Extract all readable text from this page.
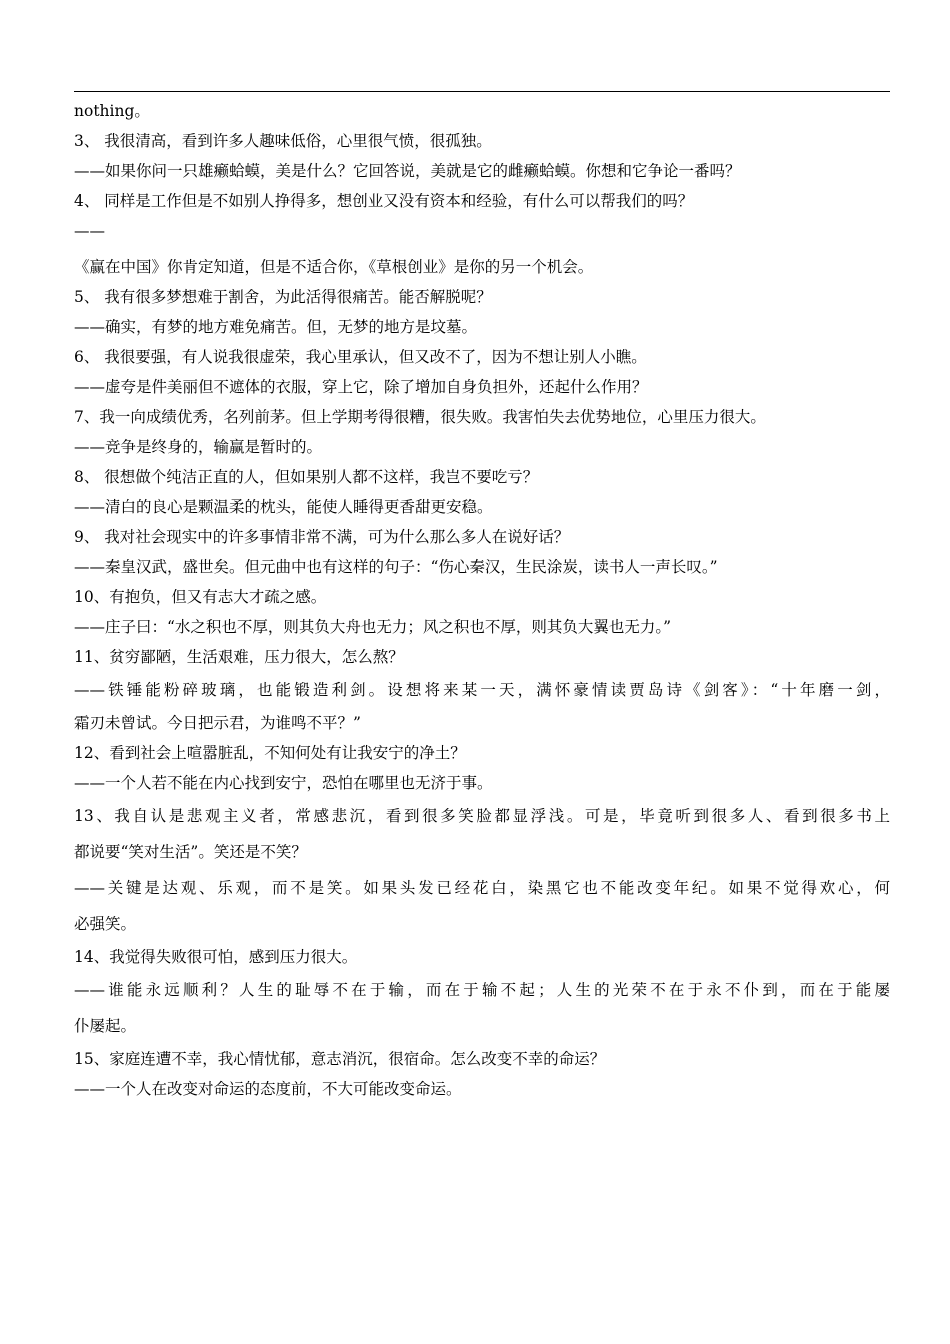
nothing。
3、 我很清高，看到许多人趣味低俗，心里很气愤，很孤独。
——如果你问一只雄癞蛤蟆，美是什么？它回答说，美就是它的雌癞蛤蟆。你想和它争论一番吗？
4、 同样是工作但是不如别人挣得多，想创业又没有资本和经验，有什么可以帮我们的吗？
——
《赢在中国》你肯定知道，但是不适合你，《草根创业》是你的另一个机会。
5、 我有很多梦想难于割舍，为此活得很痛苦。能否解脱呢？
——确实，有梦的地方难免痛苦。但，无梦的地方是坟墓。
6、 我很要强，有人说我很虚荣，我心里承认，但又改不了，因为不想让别人小瞧。
——虚夸是件美丽但不遮体的衣服，穿上它，除了增加自身负担外，还起什么作用？
7、我一向成绩优秀，名列前茅。但上学期考得很糟，很失败。我害怕失去优势地位，心里压力很大。
——竞争是终身的，输赢是暂时的。
8、 很想做个纯洁正直的人，但如果别人都不这样，我岂不要吃亏？
——清白的良心是颗温柔的枕头，能使人睡得更香甜更安稳。
9、 我对社会现实中的许多事情非常不满，可为什么那么多人在说好话？
——秦皇汉武，盛世矣。但元曲中也有这样的句子：“伤心秦汉，生民涂炭，读书人一声长叹。”
10、有抱负，但又有志大才疏之感。
——庄子曰：“水之积也不厚，则其负大舟也无力；风之积也不厚，则其负大翼也无力。”
11、贫穷鄙陋，生活艰难，压力很大，怎么熬？
——铁锤能粉碎玻璃，也能锻造利剑。设想将来某一天，满怀豪情读贾岛诗《剑客》：“十年磨一剑，
霜刃未曾试。今日把示君，为谁鸣不平？”
12、看到社会上喧嚣脏乱，不知何处有让我安宁的净土？
——一个人若不能在内心找到安宁，恐怕在哪里也无济于事。
13、我自认是悲观主义者，常感悲沉，看到很多笑脸都显浮浅。可是，毕竟听到很多人、看到很多书上
都说要“笑对生活”。笑还是不笑？
——关键是达观、乐观，而不是笑。如果头发已经花白，染黑它也不能改变年纪。如果不觉得欢心，何
必强笑。
14、我觉得失败很可怕，感到压力很大。
——谁能永远顺利？人生的耻辱不在于输，而在于输不起；人生的光荣不在于永不仆到，而在于能屡
仆屡起。
15、家庭连遭不幸，我心情忧郁，意志消沉，很宿命。怎么改变不幸的命运？
——一个人在改变对命运的态度前，不大可能改变命运。
